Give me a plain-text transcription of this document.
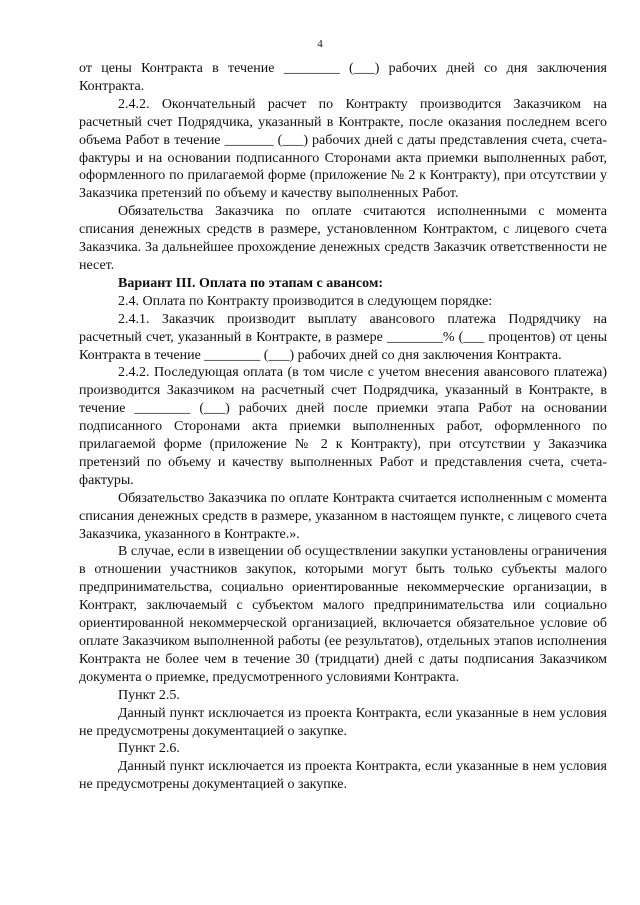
4

от цены Контракта в течение ________ (___) рабочих дней со дня заключения Контракта.

2.4.2. Окончательный расчет по Контракту производится Заказчиком на расчетный счет Подрядчика, указанный в Контракте, после оказания последнем всего объема Работ в течение _______ (___) рабочих дней с даты представления счета, счета-фактуры и на основании подписанного Сторонами акта приемки выполненных работ, оформленного по прилагаемой форме (приложение № 2 к Контракту), при отсутствии у Заказчика претензий по объему и качеству выполненных Работ.

Обязательства Заказчика по оплате считаются исполненными с момента списания денежных средств в размере, установленном Контрактом, с лицевого счета Заказчика. За дальнейшее прохождение денежных средств Заказчик ответственности не несет.

Вариант III. Оплата по этапам с авансом:

2.4. Оплата по Контракту производится в следующем порядке:

2.4.1. Заказчик производит выплату авансового платежа Подрядчику на расчетный счет, указанный в Контракте, в размере ________% (___ процентов) от цены Контракта в течение ________ (___) рабочих дней со дня заключения Контракта.

2.4.2. Последующая оплата (в том числе с учетом внесения авансового платежа) производится Заказчиком на расчетный счет Подрядчика, указанный в Контракте, в течение ________ (___) рабочих дней после приемки этапа Работ на основании подписанного Сторонами акта приемки выполненных работ, оформленного по прилагаемой форме (приложение № 2 к Контракту), при отсутствии у Заказчика претензий по объему и качеству выполненных Работ и представления счета, счета-фактуры.

Обязательство Заказчика по оплате Контракта считается исполненным с момента списания денежных средств в размере, указанном в настоящем пункте, с лицевого счета Заказчика, указанного в Контракте.».

В случае, если в извещении об осуществлении закупки установлены ограничения в отношении участников закупок, которыми могут быть только субъекты малого предпринимательства, социально ориентированные некоммерческие организации, в Контракт, заключаемый с субъектом малого предпринимательства или социально ориентированной некоммерческой организацией, включается обязательное условие об оплате Заказчиком выполненной работы (ее результатов), отдельных этапов исполнения Контракта не более чем в течение 30 (тридцати) дней с даты подписания Заказчиком документа о приемке, предусмотренного условиями Контракта.

Пункт 2.5.

Данный пункт исключается из проекта Контракта, если указанные в нем условия не предусмотрены документацией о закупке.

Пункт 2.6.

Данный пункт исключается из проекта Контракта, если указанные в нем условия не предусмотрены документацией о закупке.
